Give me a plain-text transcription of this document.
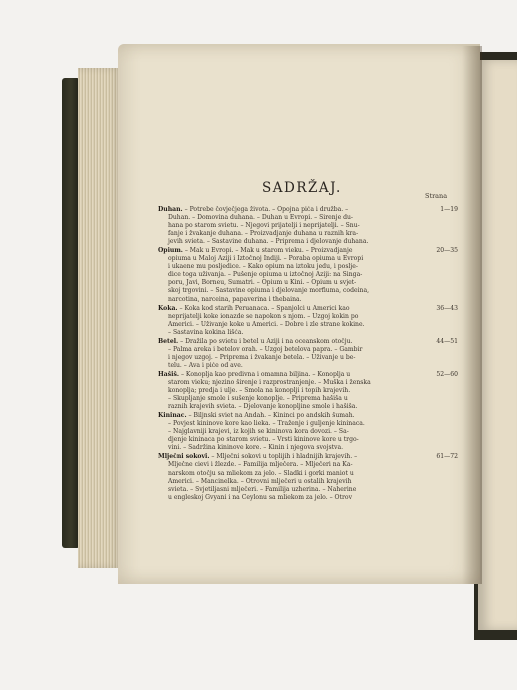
SADRŽAJ.	Strana
Duhan. – Potrebe čovječjega života. – Opojna pića i družba. –
Duhan. – Domovina duhana. – Duhan u Evropi. – Širenje du-
hana po starom svietu. – Njegovi prijatelji i neprijatelji. – Šnu-
fanje i žvakanje duhana. – Proizvadjanje duhana u raznih kra-
jevih svieta. – Sastavine duhana. – Priprema i djelovanje duhana.
1—19
Opium. – Mak u Evropi. – Mak u starom vieku. – Proizvadjanje
opiuma u Maloj Aziji i Iztočnoj Indiji. – Poraba opiuma u Evropi
i ukaene mu posljedice. – Kako opium na iztoku jedu, i poslje-
dice toga uživanja. – Pušenje opiuma u iztočnoj Aziji: na Singa-
poru, Javi, Borneu, Sumatri. – Opium u Kini. – Opium u svjet-
skoj trgovini. – Sastavine opiuma i djelovanje morfiuma, codeina,
narcotina, narceina, papaverina i thebaina.
20—35
Koka. – Koka kod starih Peruanaca. – Španjolci u Americi kao
neprijatelji koke ionazde se napokon s njom. – Uzgoj kokin po
Americi. – Uživanje koke u Americi. – Dobre i zle strane kokine.
– Sastavina kokina lišća.
36—43
Betel. – Dražila po svietu i betel u Aziji i na oceanskom otočju.
– Palma areka i betelov orah. – Uzgoj betelova papra. – Gambir
i njegov uzgoj. – Priprema i žvakanje betela. – Uživanje u be-
telu. – Ava i piće od ave.
44—51
Hašiš. – Konoplja kao predivna i omamna biljina. – Konoplja u
starom vieku; njezino širenje i razprostranjenje. – Muška i ženska
konoplja; predja i ulje. – Smola na konoplji i topih krajevih.
– Skupljanje smole i sušenje konoplje. – Priprema hašiša u
raznih krajevih svieta. – Djelovanje konopljine smole i hašiša.
52—60
Kininac. – Biljnski sviet na Andah. – Kininci po andskih šumah.
– Povjest kininove kore kao lieka. – Traženje i guljenje kininaca.
– Najglavniji krajevi, iz kojih se kininova kora dovozi. – Sa-
djenje kininaca po starom svietu. – Vrsti kininove kore u trgo-
vini. – Sadržina kininove kore. – Kinin i njegova svojstva.
Mlječni sokovi. – Mlječni sokovi u toplijih i hladnijih krajevih. –
Mlječne cievi i žlezde. – Familija mlječera. – Mlječeri na Ka-
narskom otočju sa mliekom za jelo. – Sladki i gorki maniot u
Americi. – Mancinelka. – Otrovni mlječeri u ostalih krajevih
svieta. – Svjetiljasni mlječeri. – Familija uzherina. – Naherine
u engleskoj Gvyani i na Ceylonu sa mliekom za jelo. – Otrov
61—72
